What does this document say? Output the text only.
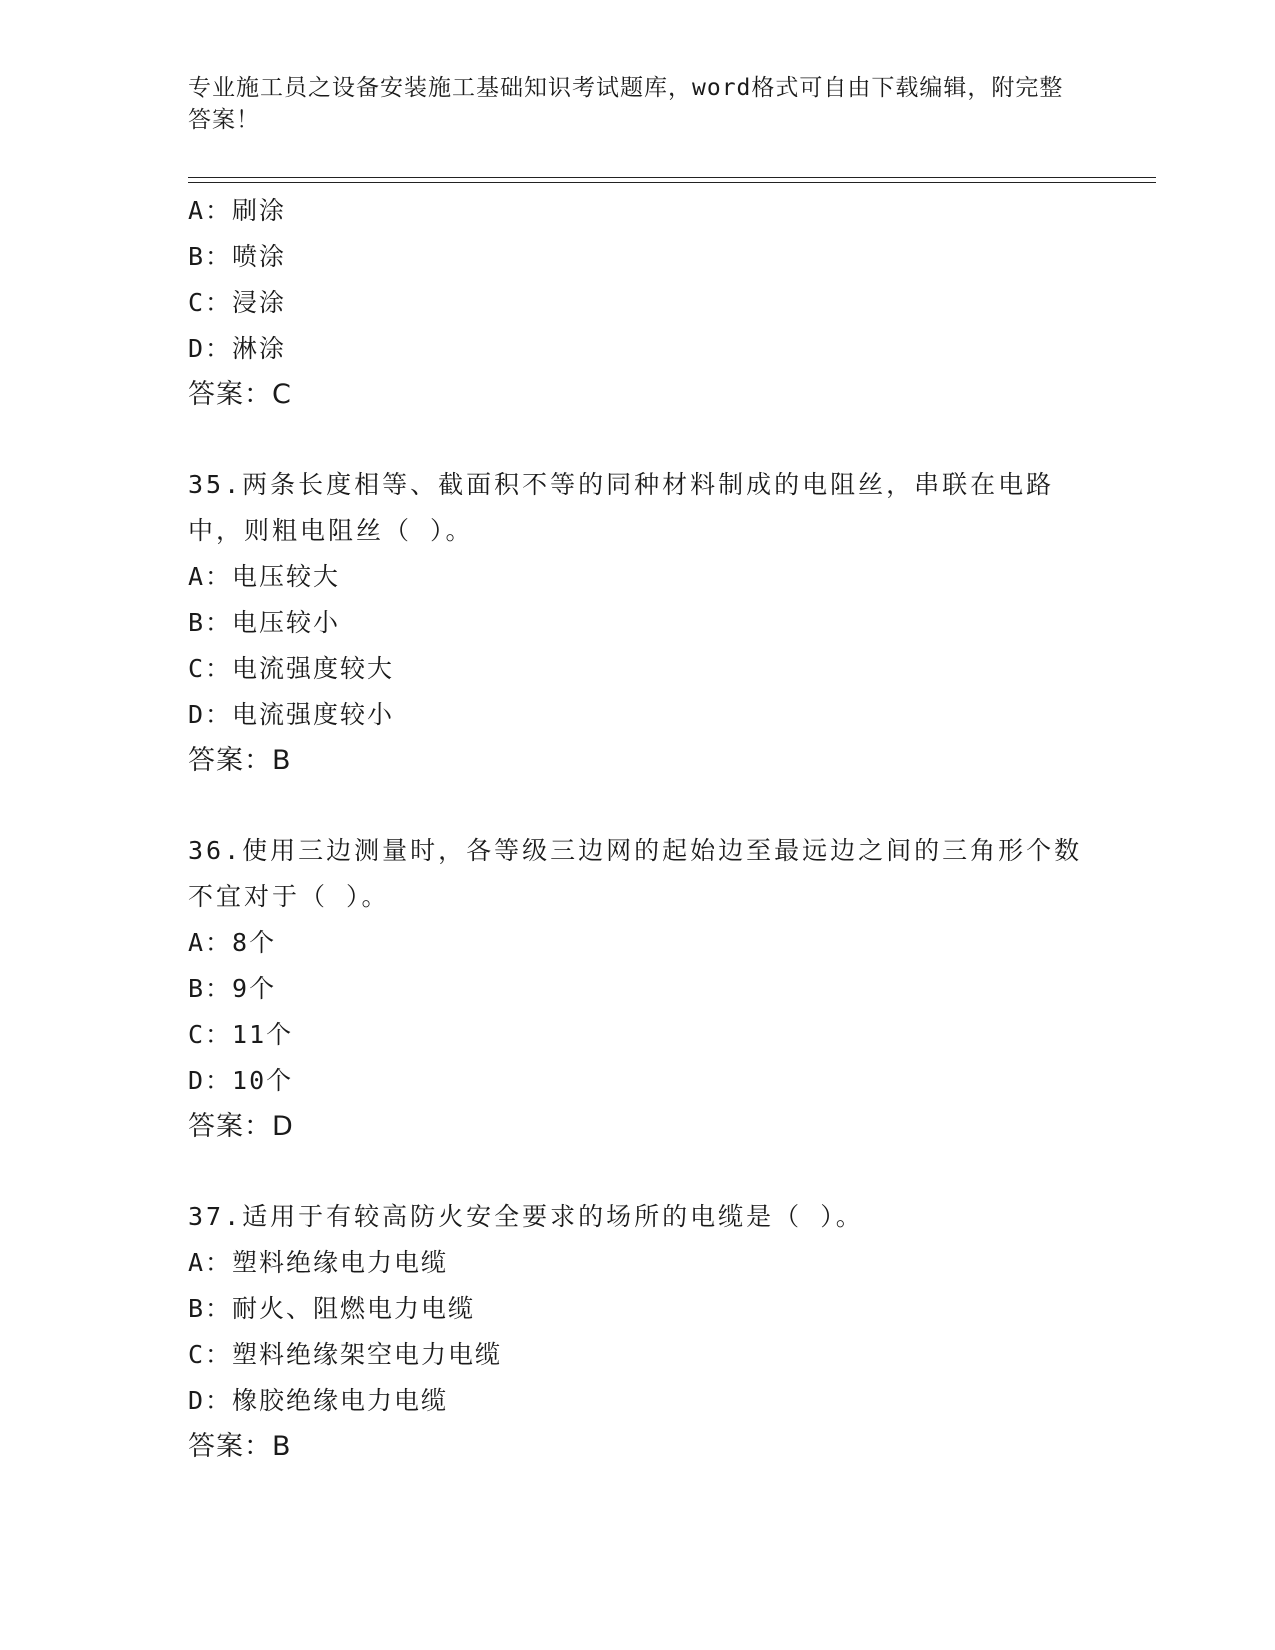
专业施工员之设备安装施工基础知识考试题库，word格式可自由下载编辑，附完整答案！
A：刷涂
B：喷涂
C：浸涂
D：淋涂
答案：C
35.两条长度相等、截面积不等的同种材料制成的电阻丝，串联在电路中，则粗电阻丝（ ）。
A：电压较大
B：电压较小
C：电流强度较大
D：电流强度较小
答案：B
36.使用三边测量时，各等级三边网的起始边至最远边之间的三角形个数不宜对于（ ）。
A：8个
B：9个
C：11个
D：10个
答案：D
37.适用于有较高防火安全要求的场所的电缆是（ ）。
A：塑料绝缘电力电缆
B：耐火、阻燃电力电缆
C：塑料绝缘架空电力电缆
D：橡胶绝缘电力电缆
答案：B
